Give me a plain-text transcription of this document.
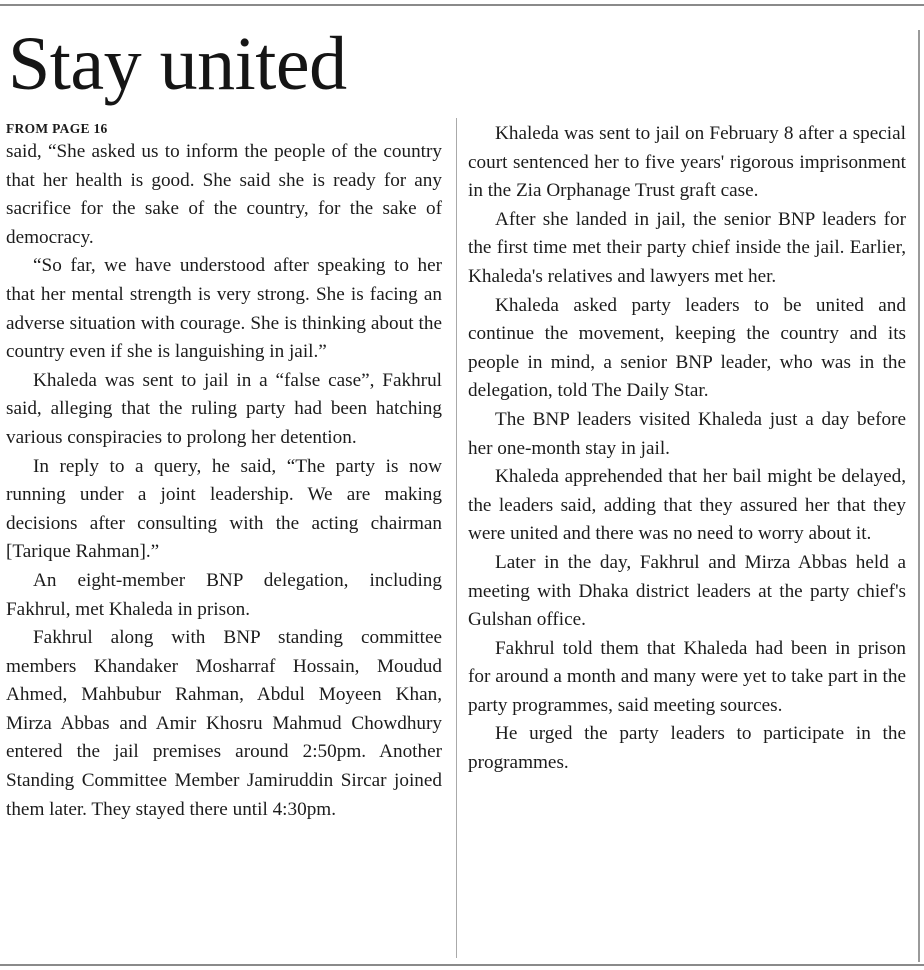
Stay united
FROM PAGE 16

said, “She asked us to inform the people of the country that her health is good. She said she is ready for any sacrifice for the sake of the country, for the sake of democracy.

“So far, we have understood after speaking to her that her mental strength is very strong. She is facing an adverse situation with courage. She is thinking about the country even if she is languishing in jail.”

Khaleda was sent to jail in a “false case”, Fakhrul said, alleging that the ruling party had been hatching various conspiracies to prolong her detention.

In reply to a query, he said, “The party is now running under a joint leadership. We are making decisions after consulting with the acting chairman [Tarique Rahman].”

An eight-member BNP delegation, including Fakhrul, met Khaleda in prison.

Fakhrul along with BNP standing committee members Khandaker Mosharraf Hossain, Moudud Ahmed, Mahbubur Rahman, Abdul Moyeen Khan, Mirza Abbas and Amir Khosru Mahmud Chowdhury entered the jail premises around 2:50pm. Another Standing Committee Member Jamiruddin Sircar joined them later. They stayed there until 4:30pm.

Khaleda was sent to jail on February 8 after a special court sentenced her to five years' rigorous imprisonment in the Zia Orphanage Trust graft case.

After she landed in jail, the senior BNP leaders for the first time met their party chief inside the jail. Earlier, Khaleda's relatives and lawyers met her.

Khaleda asked party leaders to be united and continue the movement, keeping the country and its people in mind, a senior BNP leader, who was in the delegation, told The Daily Star.

The BNP leaders visited Khaleda just a day before her one-month stay in jail.

Khaleda apprehended that her bail might be delayed, the leaders said, adding that they assured her that they were united and there was no need to worry about it.

Later in the day, Fakhrul and Mirza Abbas held a meeting with Dhaka district leaders at the party chief's Gulshan office.

Fakhrul told them that Khaleda had been in prison for around a month and many were yet to take part in the party programmes, said meeting sources.

He urged the party leaders to participate in the programmes.
